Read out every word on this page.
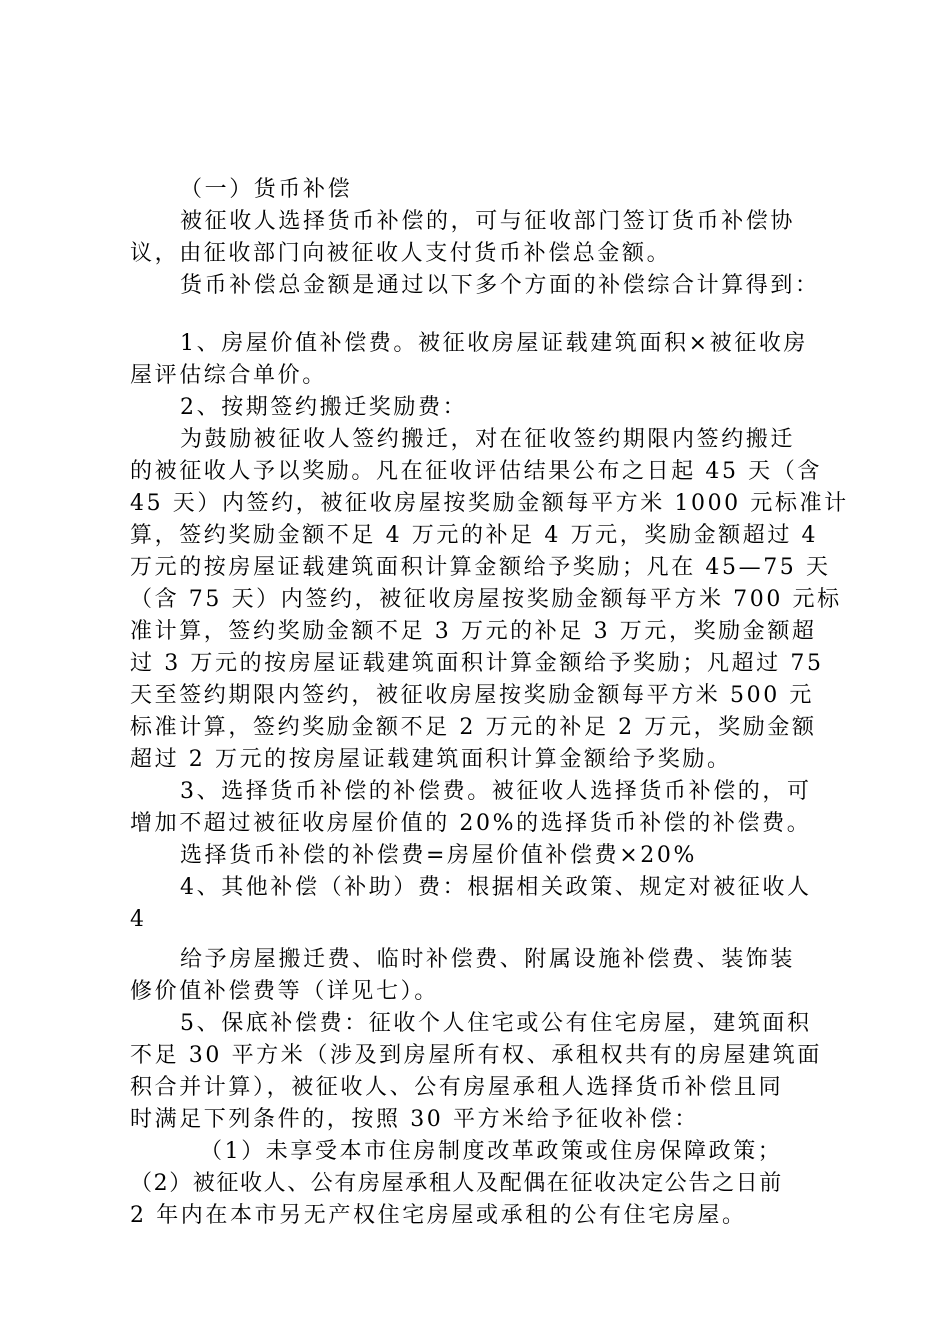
（一）货币补偿
被征收人选择货币补偿的，可与征收部门签订货币补偿协
议，由征收部门向被征收人支付货币补偿总金额。
货币补偿总金额是通过以下多个方面的补偿综合计算得到：
1、房屋价值补偿费。被征收房屋证载建筑面积×被征收房
屋评估综合单价。
2、按期签约搬迁奖励费：
为鼓励被征收人签约搬迁，对在征收签约期限内签约搬迁
的被征收人予以奖励。凡在征收评估结果公布之日起 45 天（含
45 天）内签约，被征收房屋按奖励金额每平方米 1000 元标准计
算，签约奖励金额不足 4 万元的补足 4 万元，奖励金额超过 4
万元的按房屋证载建筑面积计算金额给予奖励；凡在 45—75 天
（含 75 天）内签约，被征收房屋按奖励金额每平方米 700 元标
准计算，签约奖励金额不足 3 万元的补足 3 万元，奖励金额超
过 3 万元的按房屋证载建筑面积计算金额给予奖励；凡超过 75
天至签约期限内签约，被征收房屋按奖励金额每平方米 500 元
标准计算，签约奖励金额不足 2 万元的补足 2 万元，奖励金额
超过 2 万元的按房屋证载建筑面积计算金额给予奖励。
3、选择货币补偿的补偿费。被征收人选择货币补偿的，可
增加不超过被征收房屋价值的 20%的选择货币补偿的补偿费。
选择货币补偿的补偿费=房屋价值补偿费×20%
4、其他补偿（补助）费：根据相关政策、规定对被征收人
4
给予房屋搬迁费、临时补偿费、附属设施补偿费、装饰装
修价值补偿费等（详见七）。
5、保底补偿费：征收个人住宅或公有住宅房屋，建筑面积
不足 30 平方米（涉及到房屋所有权、承租权共有的房屋建筑面
积合并计算），被征收人、公有房屋承租人选择货币补偿且同
时满足下列条件的，按照 30 平方米给予征收补偿：
（1）未享受本市住房制度改革政策或住房保障政策；
（2）被征收人、公有房屋承租人及配偶在征收决定公告之日前
2 年内在本市另无产权住宅房屋或承租的公有住宅房屋。
